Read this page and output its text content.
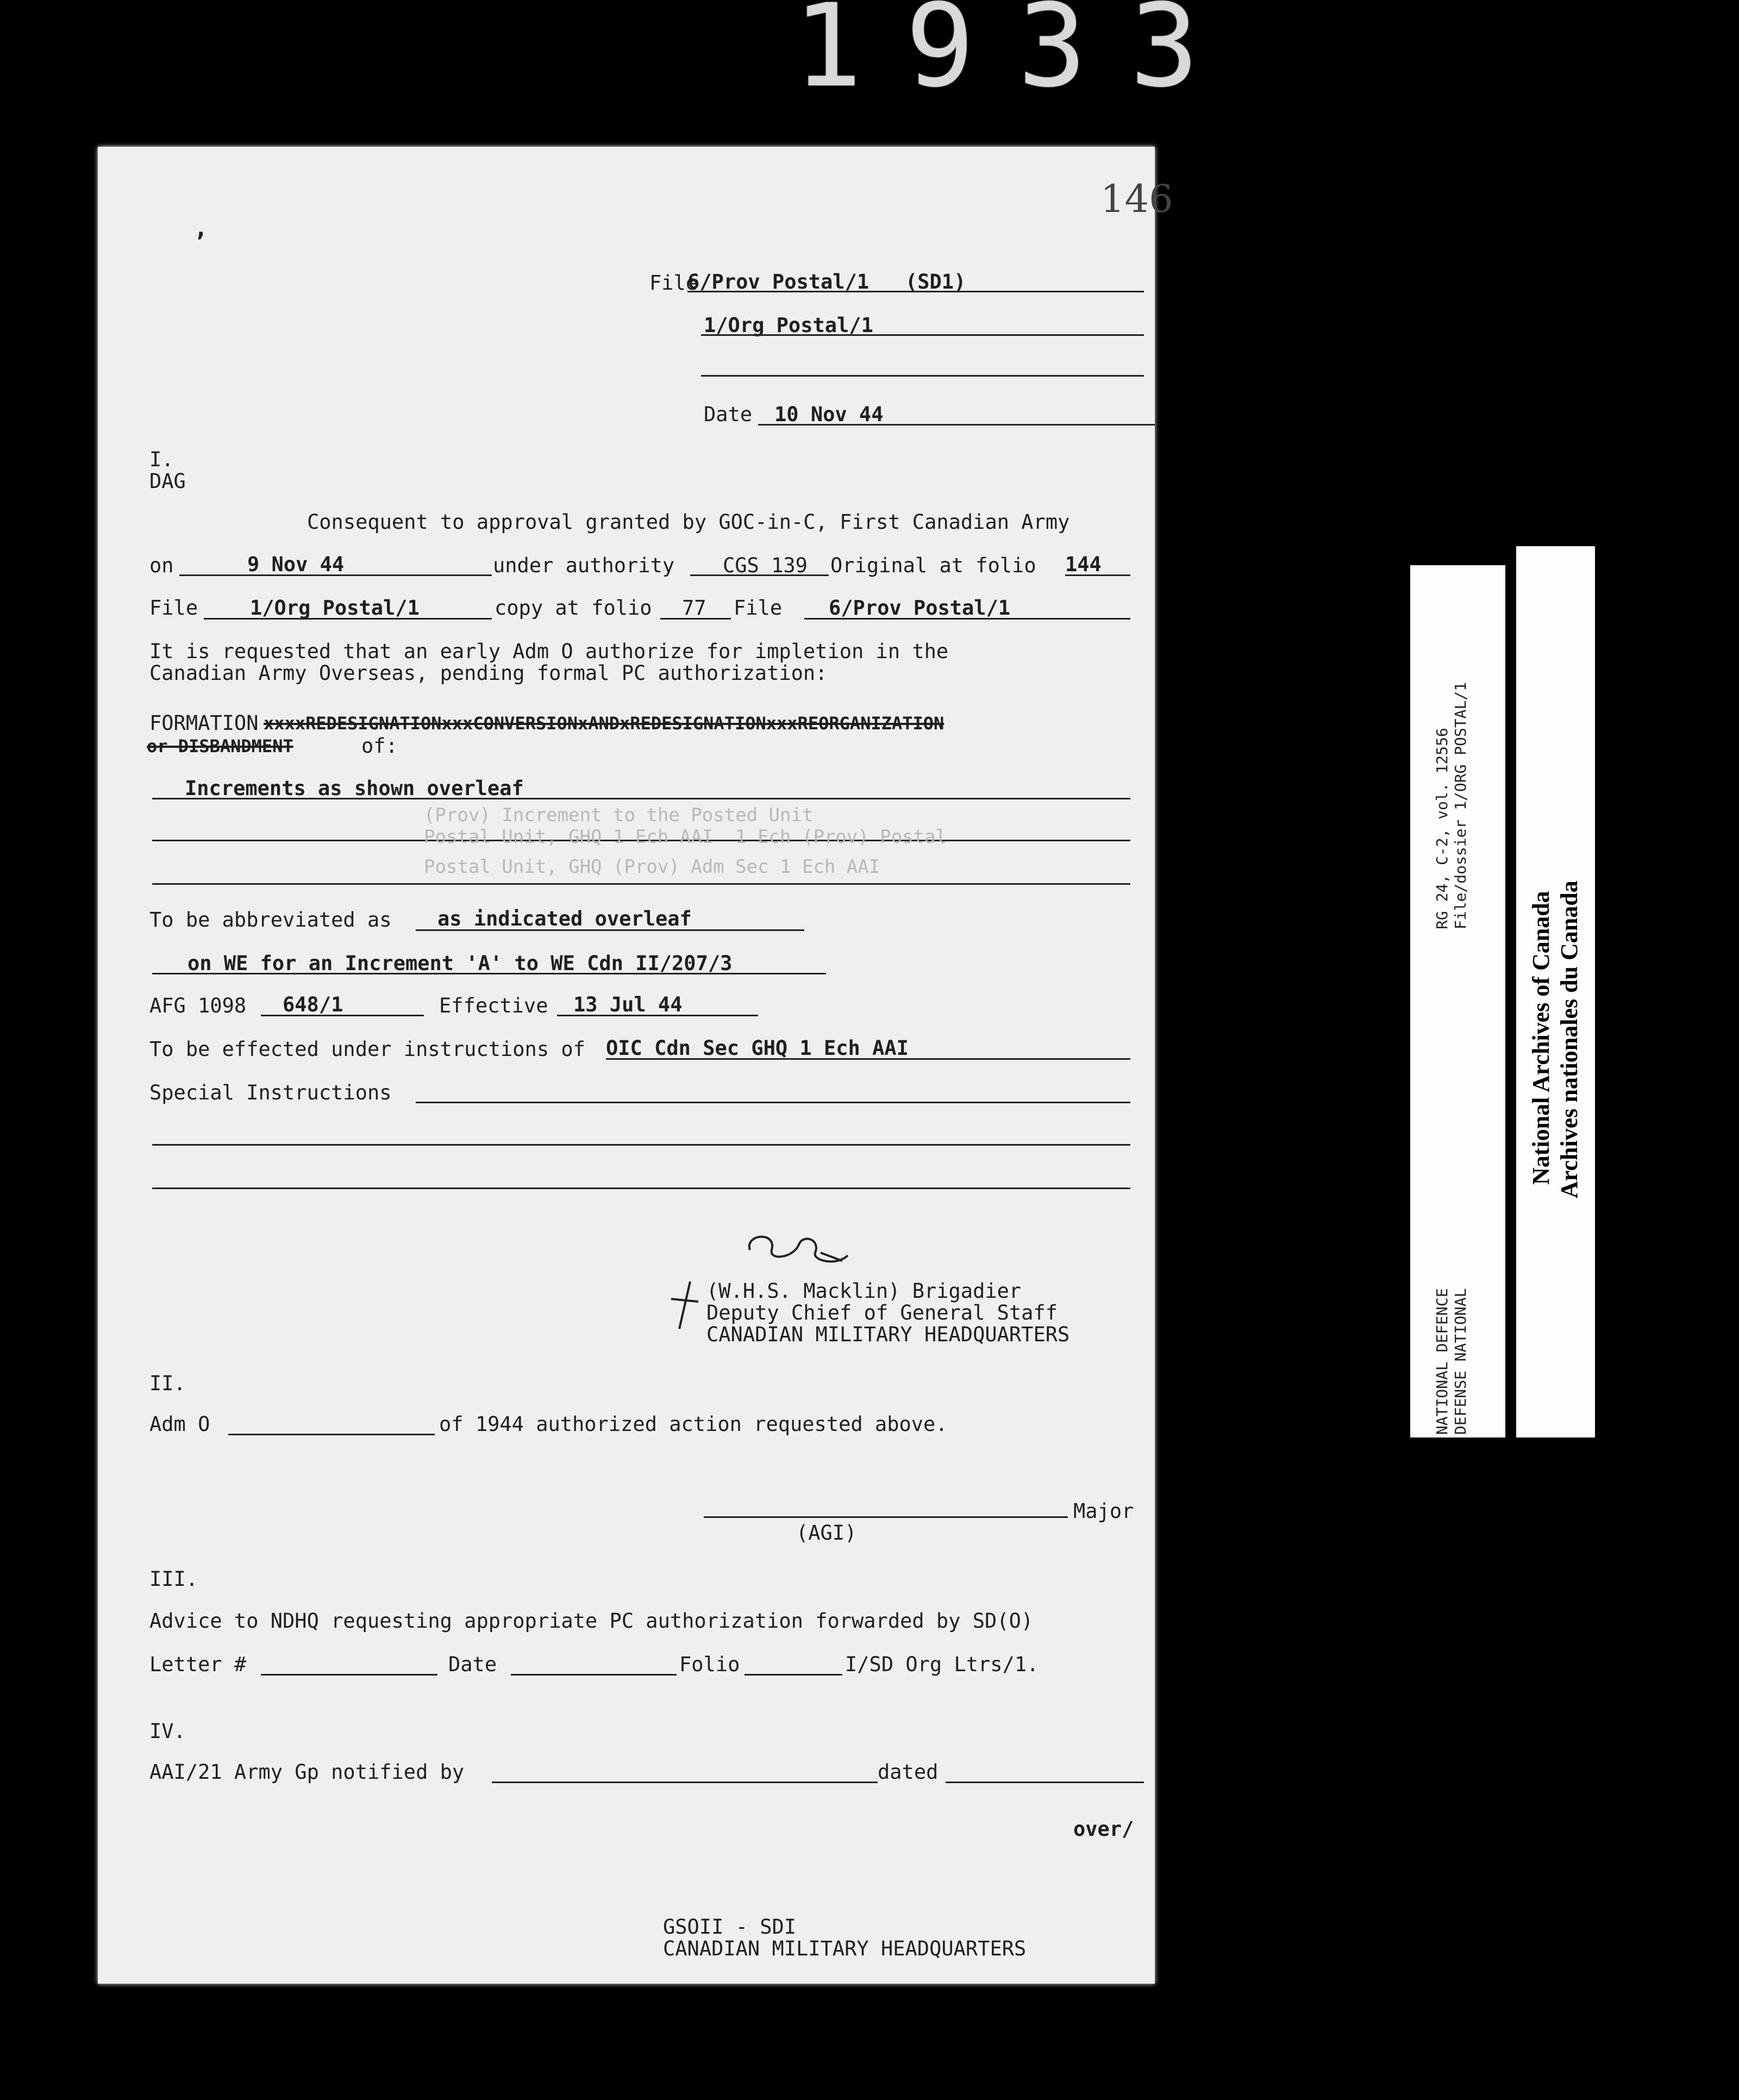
1933
146
ʼ
File
6/Prov Postal/1   (SD1)
1/Org Postal/1
Date 10 Nov 44
I.
DAG
Consequent to approval granted by GOC-in-C, First Canadian Army
on	9 Nov 44	under authority CGS 139 Original at folio 144
File	1/Org Postal/1	copy at folio 77 File 6/Prov Postal/1
It is requested that an early Adm O authorize for impletion in the
Canadian Army Overseas, pending formal PC authorization:
FORMATION xxxxREDESIGNATIONxxxCONVERSIONxANDxREDESIGNATIONxxxREORGANIZATION
or DISBANDMENT	of:
Increments as shown overleaf
(Prov) Increment to the Posted Unit
Postal Unit, GHQ 1 Ech AAI  1 Ech (Prov) Postal
Postal Unit, GHQ (Prov) Adm Sec 1 Ech AAI
To be abbreviated as as indicated overleaf
on WE for an Increment 'A' to WE Cdn II/207/3
AFG 1098 648/1	Effective 13 Jul 44
To be effected under instructions of OIC Cdn Sec GHQ 1 Ech AAI
Special Instructions
(W.H.S. Macklin) Brigadier
Deputy Chief of General Staff
CANADIAN MILITARY HEADQUARTERS
II.
Adm O	of 1944 authorized action requested above.
Major
(AGI)
III.
Advice to NDHQ requesting appropriate PC authorization forwarded by SD(O)
Letter #	Date	Folio	I/SD Org Ltrs/1.
IV.
AAI/21 Army Gp notified by	dated
over/
GSOII - SDI
CANADIAN MILITARY HEADQUARTERS
RG 24, C-2, vol. 12556 File/dossier 1/ORG POSTAL/1
NATIONAL DEFENCE DEFENSE NATIONAL
National Archives of Canada Archives nationales du Canada
